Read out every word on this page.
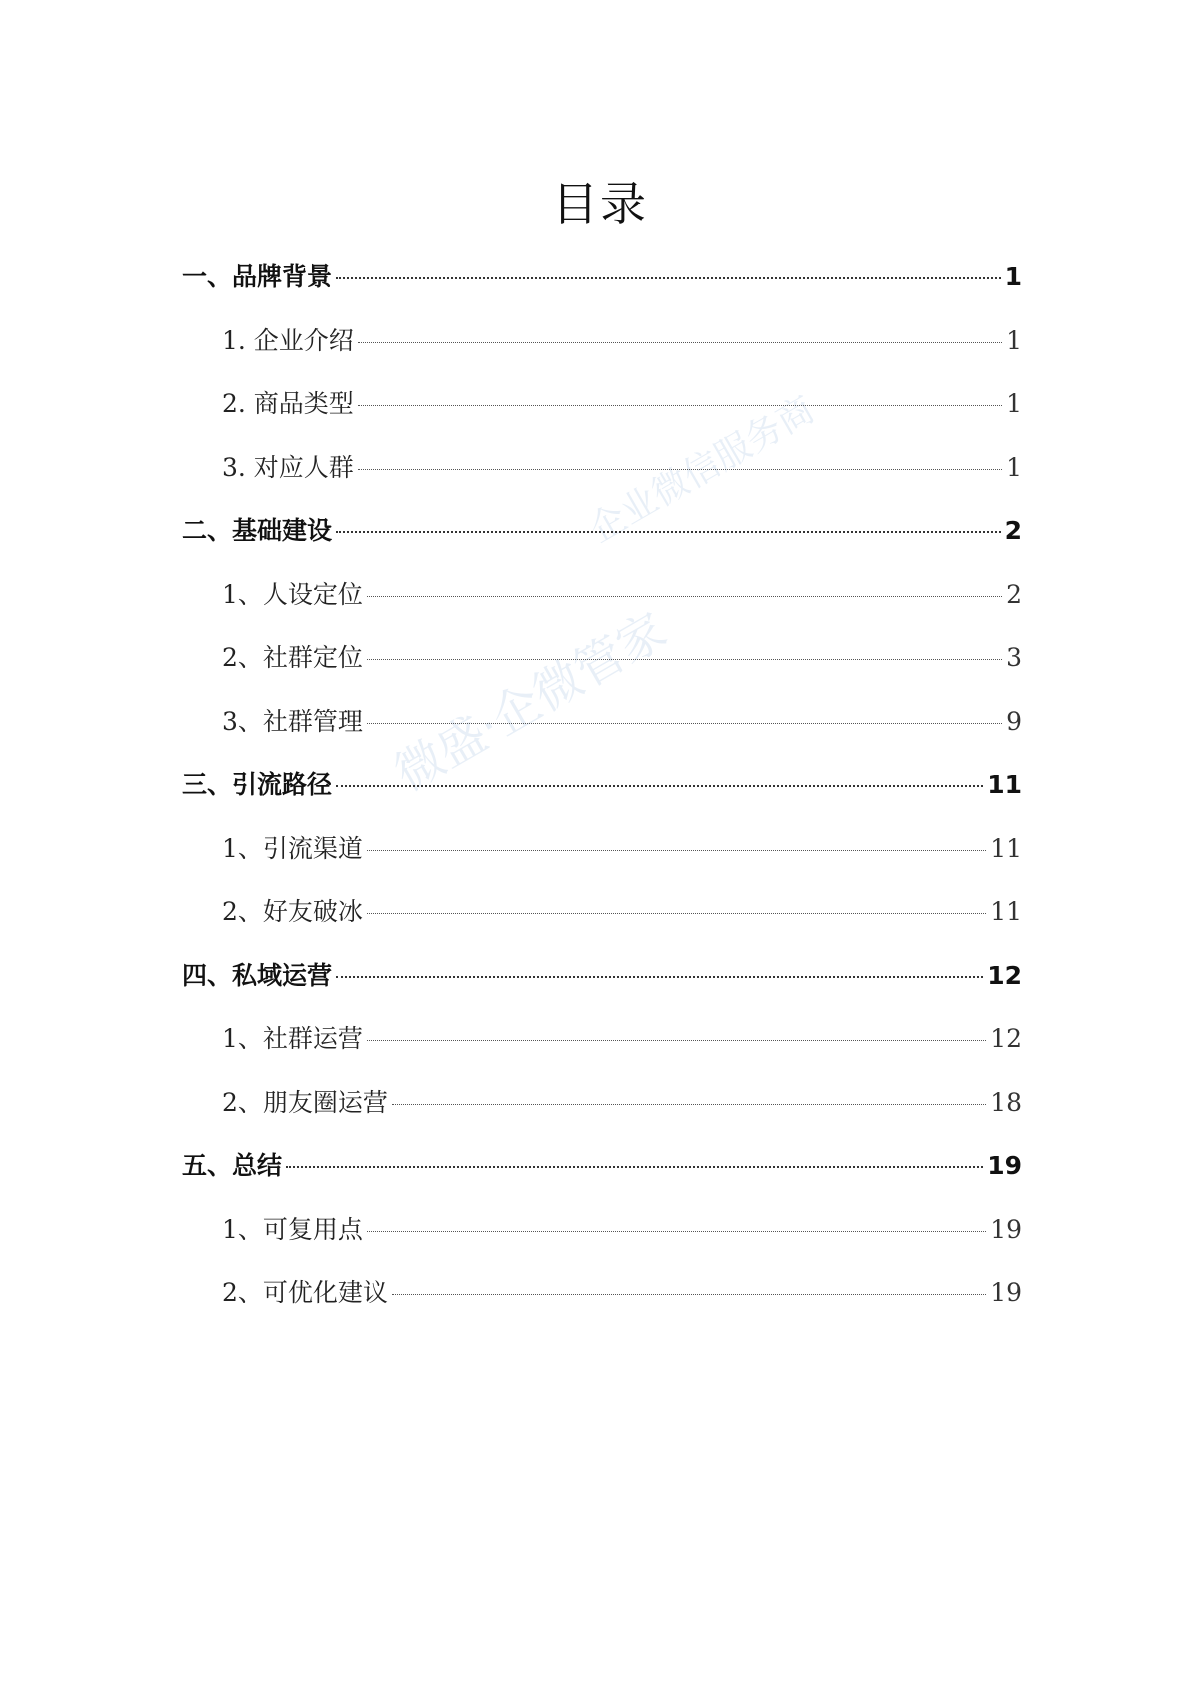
企业微信服务商
微盛·企微管家
目录
一、品牌背景	1
1. 企业介绍	1
2. 商品类型	1
3. 对应人群	1
二、基础建设	2
1、人设定位	2
2、社群定位	3
3、社群管理	9
三、引流路径	11
1、引流渠道	11
2、好友破冰	11
四、私域运营	12
1、社群运营	12
2、朋友圈运营	18
五、总结	19
1、可复用点	19
2、可优化建议	19
